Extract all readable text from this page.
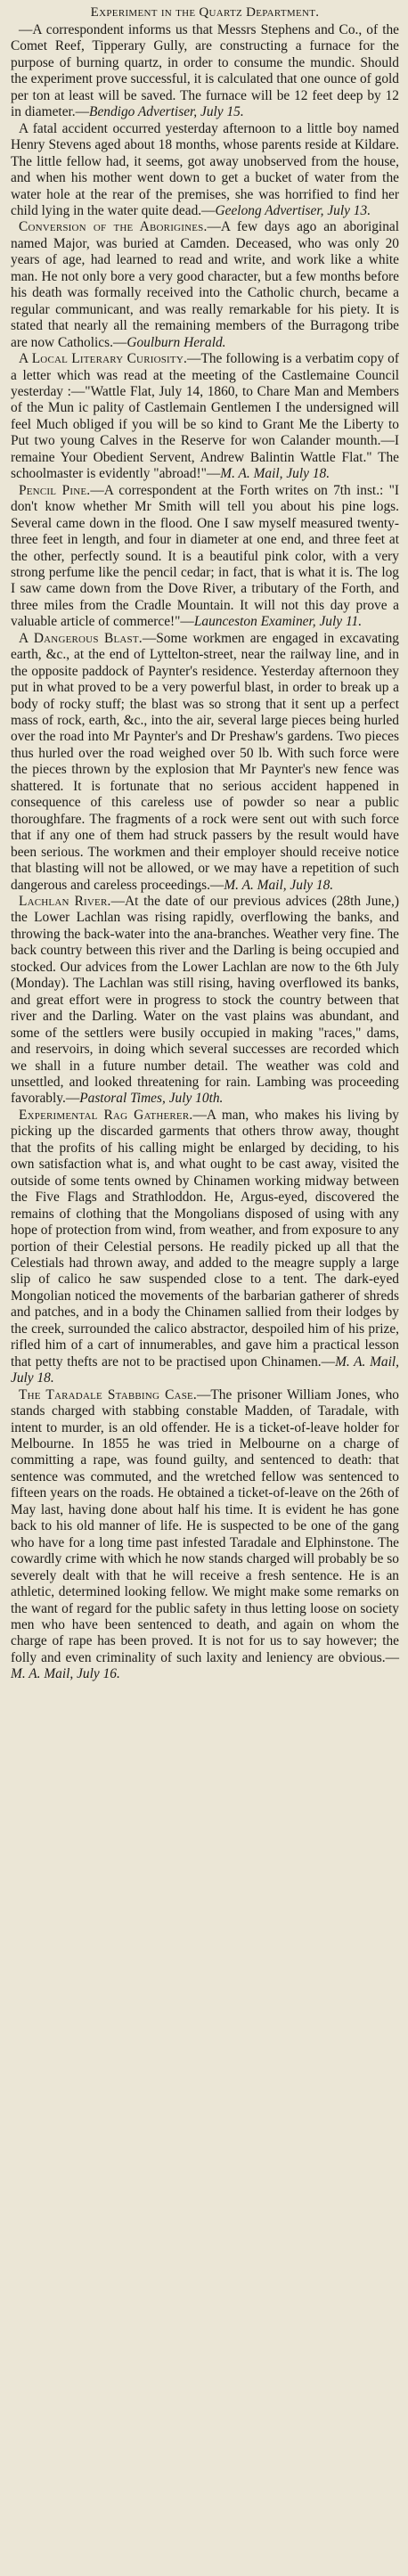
Experiment in the Quartz Department.

—A correspondent informs us that Messrs Stephens and Co., of the Comet Reef, Tipperary Gully, are constructing a furnace for the purpose of burning quartz, in order to consume the mundic. Should the experiment prove successful, it is calculated that one ounce of gold per ton at least will be saved. The furnace will be 12 feet deep by 12 in diameter.—Bendigo Advertiser, July 15.

A fatal accident occurred yesterday afternoon to a little boy named Henry Stevens aged about 18 months, whose parents reside at Kildare. The little fellow had, it seems, got away unobserved from the house, and when his mother went down to get a bucket of water from the water hole at the rear of the premises, she was horrified to find her child lying in the water quite dead.—Geelong Advertiser, July 13.

Conversion of the Aborigines.—A few days ago an aboriginal named Major, was buried at Camden. Deceased, who was only 20 years of age, had learned to read and write, and work like a white man. He not only bore a very good character, but a few months before his death was formally received into the Catholic church, became a regular communicant, and was really remarkable for his piety. It is stated that nearly all the remaining members of the Burragong tribe are now Catholics.—Goulburn Herald.

A Local Literary Curiosity.—The following is a verbatim copy of a letter which was read at the meeting of the Castlemaine Council yesterday :—"Wattle Flat, July 14, 1860, to Chare Man and Members of the Mun ic pality of Castlemain Gentlemen I the undersigned will feel Much obliged if you will be so kind to Grant Me the Liberty to Put two young Calves in the Reserve for won Calander mounth.—I remaine Your Obedient Servent, Andrew Balintin Wattle Flat." The schoolmaster is evidently "abroad!"—M. A. Mail, July 18.

Pencil Pine.—A correspondent at the Forth writes on 7th inst.: "I don't know whether Mr Smith will tell you about his pine logs. Several came down in the flood. One I saw myself measured twenty-three feet in length, and four in diameter at one end, and three feet at the other, perfectly sound. It is a beautiful pink color, with a very strong perfume like the pencil cedar; in fact, that is what it is. The log I saw came down from the Dove River, a tributary of the Forth, and three miles from the Cradle Mountain. It will not this day prove a valuable article of commerce!"—Launceston Examiner, July 11.

A Dangerous Blast.—Some workmen are engaged in excavating earth, &c., at the end of Lyttelton-street, near the railway line, and in the opposite paddock of Paynter's residence. Yesterday afternoon they put in what proved to be a very powerful blast, in order to break up a body of rocky stuff; the blast was so strong that it sent up a perfect mass of rock, earth, &c., into the air, several large pieces being hurled over the road into Mr Paynter's and Dr Preshaw's gardens. Two pieces thus hurled over the road weighed over 50 lb. With such force were the pieces thrown by the explosion that Mr Paynter's new fence was shattered. It is fortunate that no serious accident happened in consequence of this careless use of powder so near a public thoroughfare. The fragments of a rock were sent out with such force that if any one of them had struck passers by the result would have been serious. The workmen and their employer should receive notice that blasting will not be allowed, or we may have a repetition of such dangerous and careless proceedings.—M. A. Mail, July 18.

Lachlan River.—At the date of our previous advices (28th June,) the Lower Lachlan was rising rapidly, overflowing the banks, and throwing the back-water into the ana-branches. Weather very fine. The back country between this river and the Darling is being occupied and stocked. Our advices from the Lower Lachlan are now to the 6th July (Monday). The Lachlan was still rising, having overflowed its banks, and great effort were in progress to stock the country between that river and the Darling. Water on the vast plains was abundant, and some of the settlers were busily occupied in making "races," dams, and reservoirs, in doing which several successes are recorded which we shall in a future number detail. The weather was cold and unsettled, and looked threatening for rain. Lambing was proceeding favorably.—Pastoral Times, July 10th.

Experimental Rag Gatherer.—A man, who makes his living by picking up the discarded garments that others throw away, thought that the profits of his calling might be enlarged by deciding, to his own satisfaction what is, and what ought to be cast away, visited the outside of some tents owned by Chinamen working midway between the Five Flags and Strathloddon. He, Argus-eyed, discovered the remains of clothing that the Mongolians disposed of using with any hope of protection from wind, from weather, and from exposure to any portion of their Celestial persons. He readily picked up all that the Celestials had thrown away, and added to the meagre supply a large slip of calico he saw suspended close to a tent. The dark-eyed Mongolian noticed the movements of the barbarian gatherer of shreds and patches, and in a body the Chinamen sallied from their lodges by the creek, surrounded the calico abstractor, despoiled him of his prize, rifled him of a cart of innumerables, and gave him a practical lesson that petty thefts are not to be practised upon Chinamen.—M. A. Mail, July 18.

The Taradale Stabbing Case.—The prisoner William Jones, who stands charged with stabbing constable Madden, of Taradale, with intent to murder, is an old offender. He is a ticket-of-leave holder for Melbourne. In 1855 he was tried in Melbourne on a charge of committing a rape, was found guilty, and sentenced to death: that sentence was commuted, and the wretched fellow was sentenced to fifteen years on the roads. He obtained a ticket-of-leave on the 26th of May last, having done about half his time. It is evident he has gone back to his old manner of life. He is suspected to be one of the gang who have for a long time past infested Taradale and Elphinstone. The cowardly crime with which he now stands charged will probably be so severely dealt with that he will receive a fresh sentence. He is an athletic, determined looking fellow. We might make some remarks on the want of regard for the public safety in thus letting loose on society men who have been sentenced to death, and again on whom the charge of rape has been proved. It is not for us to say however; the folly and even criminality of such laxity and leniency are obvious.—M. A. Mail, July 16.
